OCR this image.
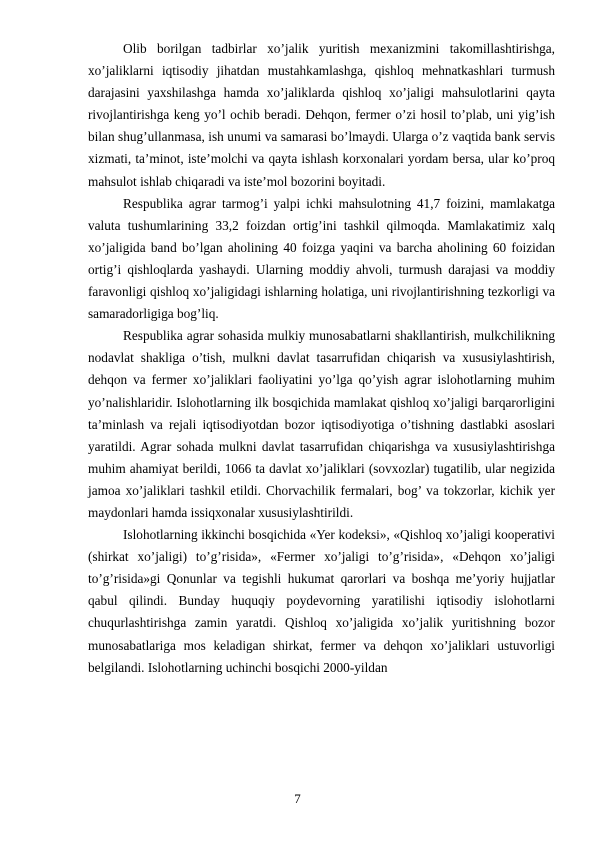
Olib borilgan tadbirlar xo’jalik yuritish mexanizmini takomillashtirishga, xo’jaliklarni iqtisodiy jihatdan mustahkamlashga, qishloq mehnatkashlari turmush darajasini yaxshilashga hamda xo’jaliklarda qishloq xo’jaligi mahsulotlarini qayta rivojlantirishga keng yo’l ochib beradi. Dehqon, fermer o’zi hosil to’plab, uni yig’ish bilan shug’ullanmasa, ish unumi va samarasi bo’lmaydi. Ularga o’z vaqtida bank servis xizmati, ta’minot, iste’molchi va qayta ishlash korxonalari yordam bersa, ular ko’proq mahsulot ishlab chiqaradi va iste’mol bozorini boyitadi.

Respublika agrar tarmog’i yalpi ichki mahsulotning 41,7 foizini, mamlakatga valuta tushumlarining 33,2 foizdan ortig’ini tashkil qilmoqda. Mamlakatimiz xalq xo’jaligida band bo’lgan aholining 40 foizga yaqini va barcha aholining 60 foizidan ortig’i qishloqlarda yashaydi. Ularning moddiy ahvoli, turmush darajasi va moddiy faravonligi qishloq xo’jaligidagi ishlarning holatiga, uni rivojlantirishning tezkorligi va samaradorligiga bog’liq.

Respublika agrar sohasida mulkiy munosabatlarni shakllantirish, mulkchilikning nodavlat shakliga o’tish, mulkni davlat tasarrufidan chiqarish va xususiylashtirish, dehqon va fermer xo’jaliklari faoliyatini yo’lga qo’yish agrar islohotlarning muhim yo’nalishlaridir. Islohotlarning ilk bosqichida mamlakat qishloq xo’jaligi barqarorligini ta’minlash va rejali iqtisodiyotdan bozor iqtisodiyotiga o’tishning dastlabki asoslari yaratildi. Agrar sohada mulkni davlat tasarrufidan chiqarishga va xususiylashtirishga muhim ahamiyat berildi, 1066 ta davlat xo’jaliklari (sovxozlar) tugatilib, ular negizida jamoa xo’jaliklari tashkil etildi. Chorvachilik fermalari, bog’ va tokzorlar, kichik yer maydonlari hamda issiqxonalar xususiylashtirildi.

Islohotlarning ikkinchi bosqichida «Yer kodeksi», «Qishloq xo’jaligi kooperativi (shirkat xo’jaligi) to’g’risida», «Fermer xo’jaligi to’g’risida», «Dehqon xo’jaligi to’g’risida»gi Qonunlar va tegishli hukumat qarorlari va boshqa me’yoriy hujjatlar qabul qilindi. Bunday huquqiy poydevorning yaratilishi iqtisodiy islohotlarni chuqurlashtirishga zamin yaratdi. Qishloq xo’jaligida xo’jalik yuritishning bozor munosabatlariga mos keladigan shirkat, fermer va dehqon xo’jaliklari ustuvorligi belgilandi. Islohotlarning uchinchi bosqichi 2000-yildan

7
